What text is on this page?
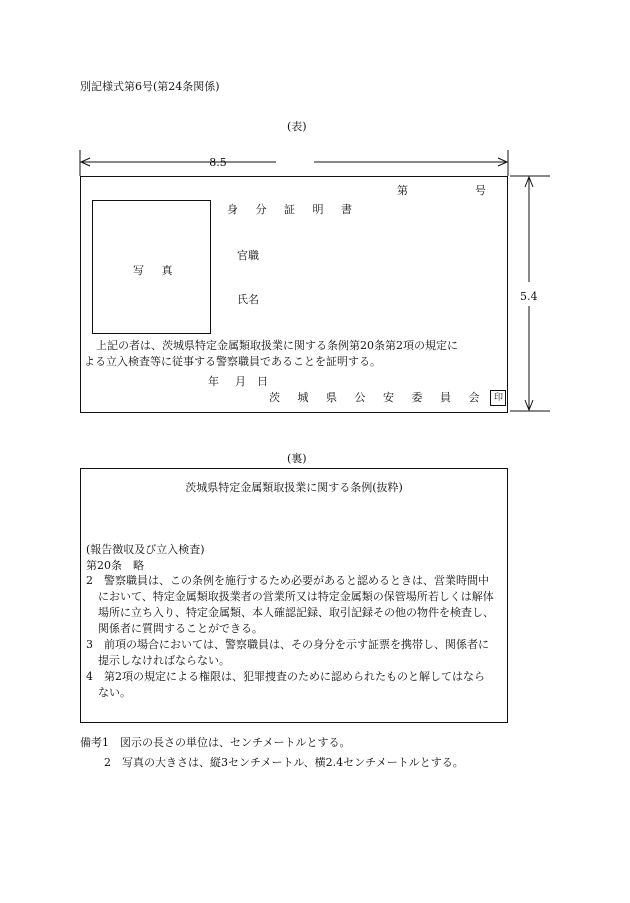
別記様式第6号(第24条関係)
(表)
8.5
5.4
第	号
身 分 証 明 書
写 真
官職
氏名
上記の者は、茨城県特定金属類取扱業に関する条例第20条第2項の規定に
よる立入検査等に従事する警察職員であることを証明する。
年 月 日
茨 城 県 公 安 委 員 会 印
(裏)
茨城県特定金属類取扱業に関する条例(抜粋)
(報告徴収及び立入検査)
第20条　略

2　警察職員は、この条例を施行するため必要があると認めるときは、営業時間中において、特定金属類取扱業者の営業所又は特定金属類の保管場所若しくは解体場所に立ち入り、特定金属類、本人確認記録、取引記録その他の物件を検査し、関係者に質問することができる。

3　前項の場合においては、警察職員は、その身分を示す証票を携帯し、関係者に提示しなければならない。

4　第2項の規定による権限は、犯罪捜査のために認められたものと解してはならない。

備考1　図示の長さの単位は、センチメートルとする。
2　写真の大きさは、縦3センチメートル、横2.4センチメートルとする。
